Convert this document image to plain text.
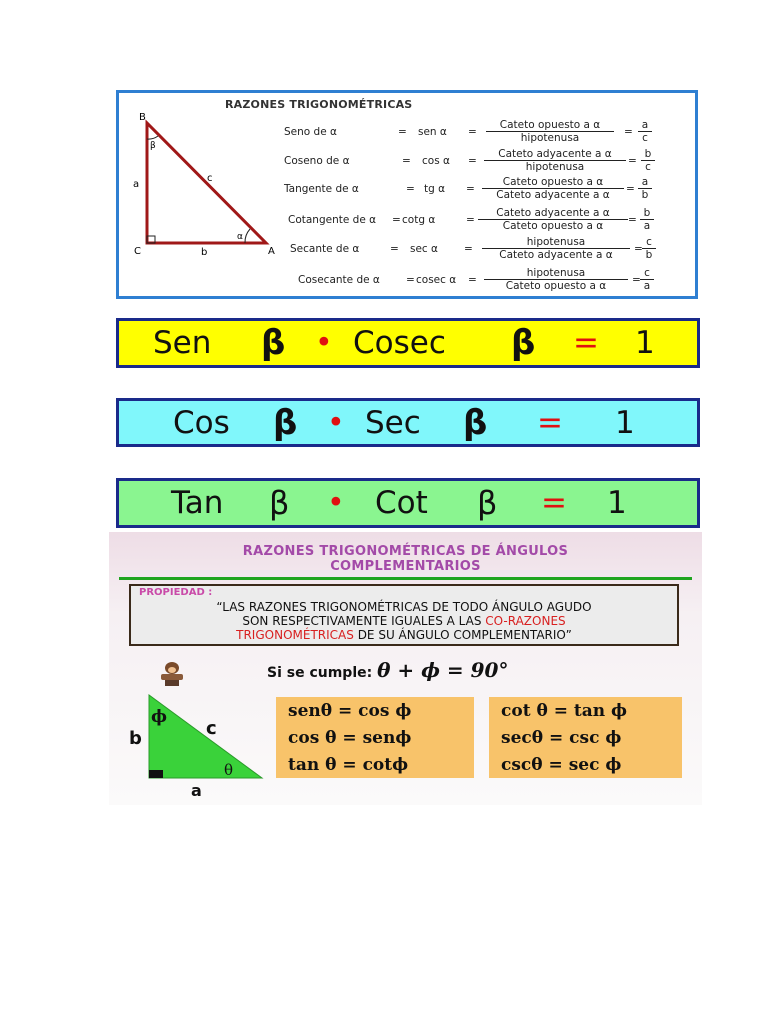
RAZONES TRIGONOMÉTRICAS
B
A
C
a
b
c
β
α
Seno de α	= sen α =
Cateto opuesto a α
hipotenusa	= $\frac{a}{c}$
Coseno de α	= cos α =
Cateto adyacente a α
hipotenusa	= $\frac{b}{c}$
Tangente de α	= tg α =
Cateto opuesto a α
Cateto adyacente a α	= $\frac{a}{b}$
Cotangente de α = cotg α	=
Cateto adyacente a α
Cateto opuesto a α	= $\frac{b}{a}$
Secante de α	= sec α =
hipotenusa
Cateto adyacente a α	= $\frac{c}{b}$
Cosecante de α = cosec α =
hipotenusa
Cateto opuesto a α	= $\frac{c}{a}$
Sen β • Cosec β = 1
Cos β • Sec β = 1
Tan β • Cot β = 1
RAZONES TRIGONOMÉTRICAS DE ÁNGULOS
COMPLEMENTARIOS
PROPIEDAD :
“LAS RAZONES TRIGONOMÉTRICAS DE TODO ÁNGULO AGUDO
SON RESPECTIVAMENTE IGUALES A LAS CO-RAZONES
TRIGONOMÉTRICAS DE SU ÁNGULO COMPLEMENTARIO”
Si se cumple: θ + ϕ = 90°
b	c
a
ϕ
θ
senθ = cos ϕ
cos θ = senϕ
tan θ = cotϕ
cot θ = tan ϕ
secθ = csc ϕ
cscθ = sec ϕ
